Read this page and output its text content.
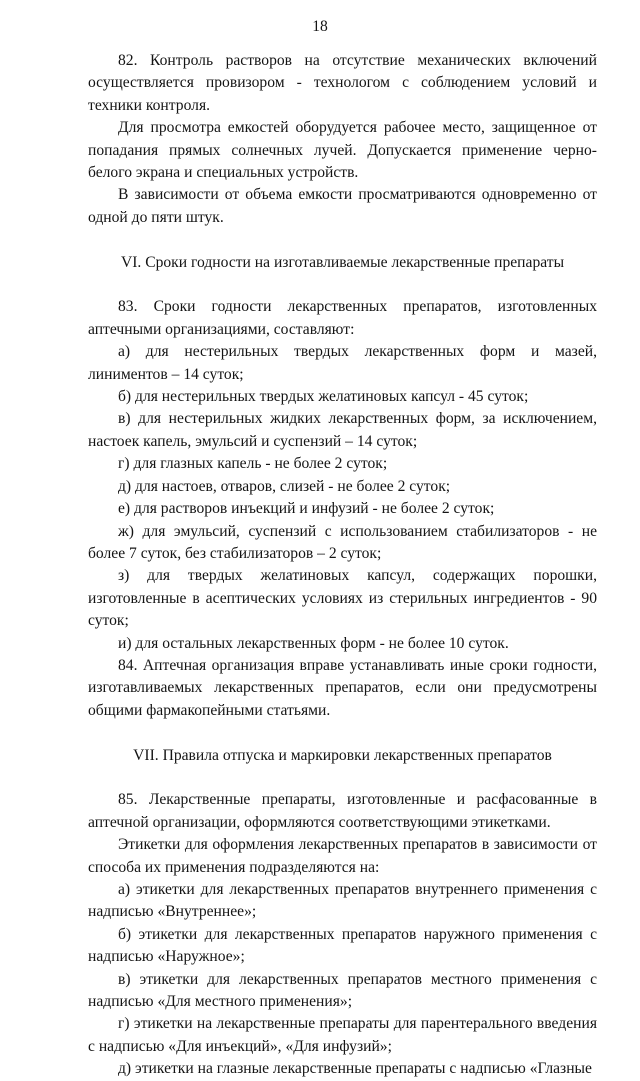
18

82. Контроль растворов на отсутствие механических включений осуществляется провизором - технологом с соблюдением условий и техники контроля.

Для просмотра емкостей оборудуется рабочее место, защищенное от попадания прямых солнечных лучей. Допускается применение черно-белого экрана и специальных устройств.

В зависимости от объема емкости просматриваются одновременно от одной до пяти штук.

VI. Сроки годности на изготавливаемые лекарственные препараты

83. Сроки годности лекарственных препаратов, изготовленных аптечными организациями, составляют:

а) для нестерильных твердых лекарственных форм и мазей, линиментов – 14 суток;

б) для нестерильных твердых желатиновых капсул - 45 суток;

в) для нестерильных жидких лекарственных форм, за исключением, настоек капель, эмульсий и суспензий – 14 суток;

г) для глазных капель - не более 2 суток;

д) для настоев, отваров, слизей - не более 2 суток;

е) для растворов инъекций и инфузий - не более 2 суток;

ж) для эмульсий, суспензий с использованием стабилизаторов - не более 7 суток, без стабилизаторов – 2 суток;

з) для твердых желатиновых капсул, содержащих порошки, изготовленные в асептических условиях из стерильных ингредиентов - 90 суток;

и) для остальных лекарственных форм - не более 10 суток.

84. Аптечная организация вправе устанавливать иные сроки годности, изготавливаемых лекарственных препаратов, если они предусмотрены общими фармакопейными статьями.

VII. Правила отпуска и маркировки лекарственных препаратов

85. Лекарственные препараты, изготовленные и расфасованные в аптечной организации, оформляются соответствующими этикетками.

Этикетки для оформления лекарственных препаратов в зависимости от способа их применения подразделяются на:

а) этикетки для лекарственных препаратов внутреннего применения с надписью «Внутреннее»;

б) этикетки для лекарственных препаратов наружного применения с надписью «Наружное»;

в) этикетки для лекарственных препаратов местного применения с надписью «Для местного применения»;

г) этикетки на лекарственные препараты для парентерального введения с надписью «Для инъекций», «Для инфузий»;

д) этикетки на глазные лекарственные препараты с надписью «Глазные
